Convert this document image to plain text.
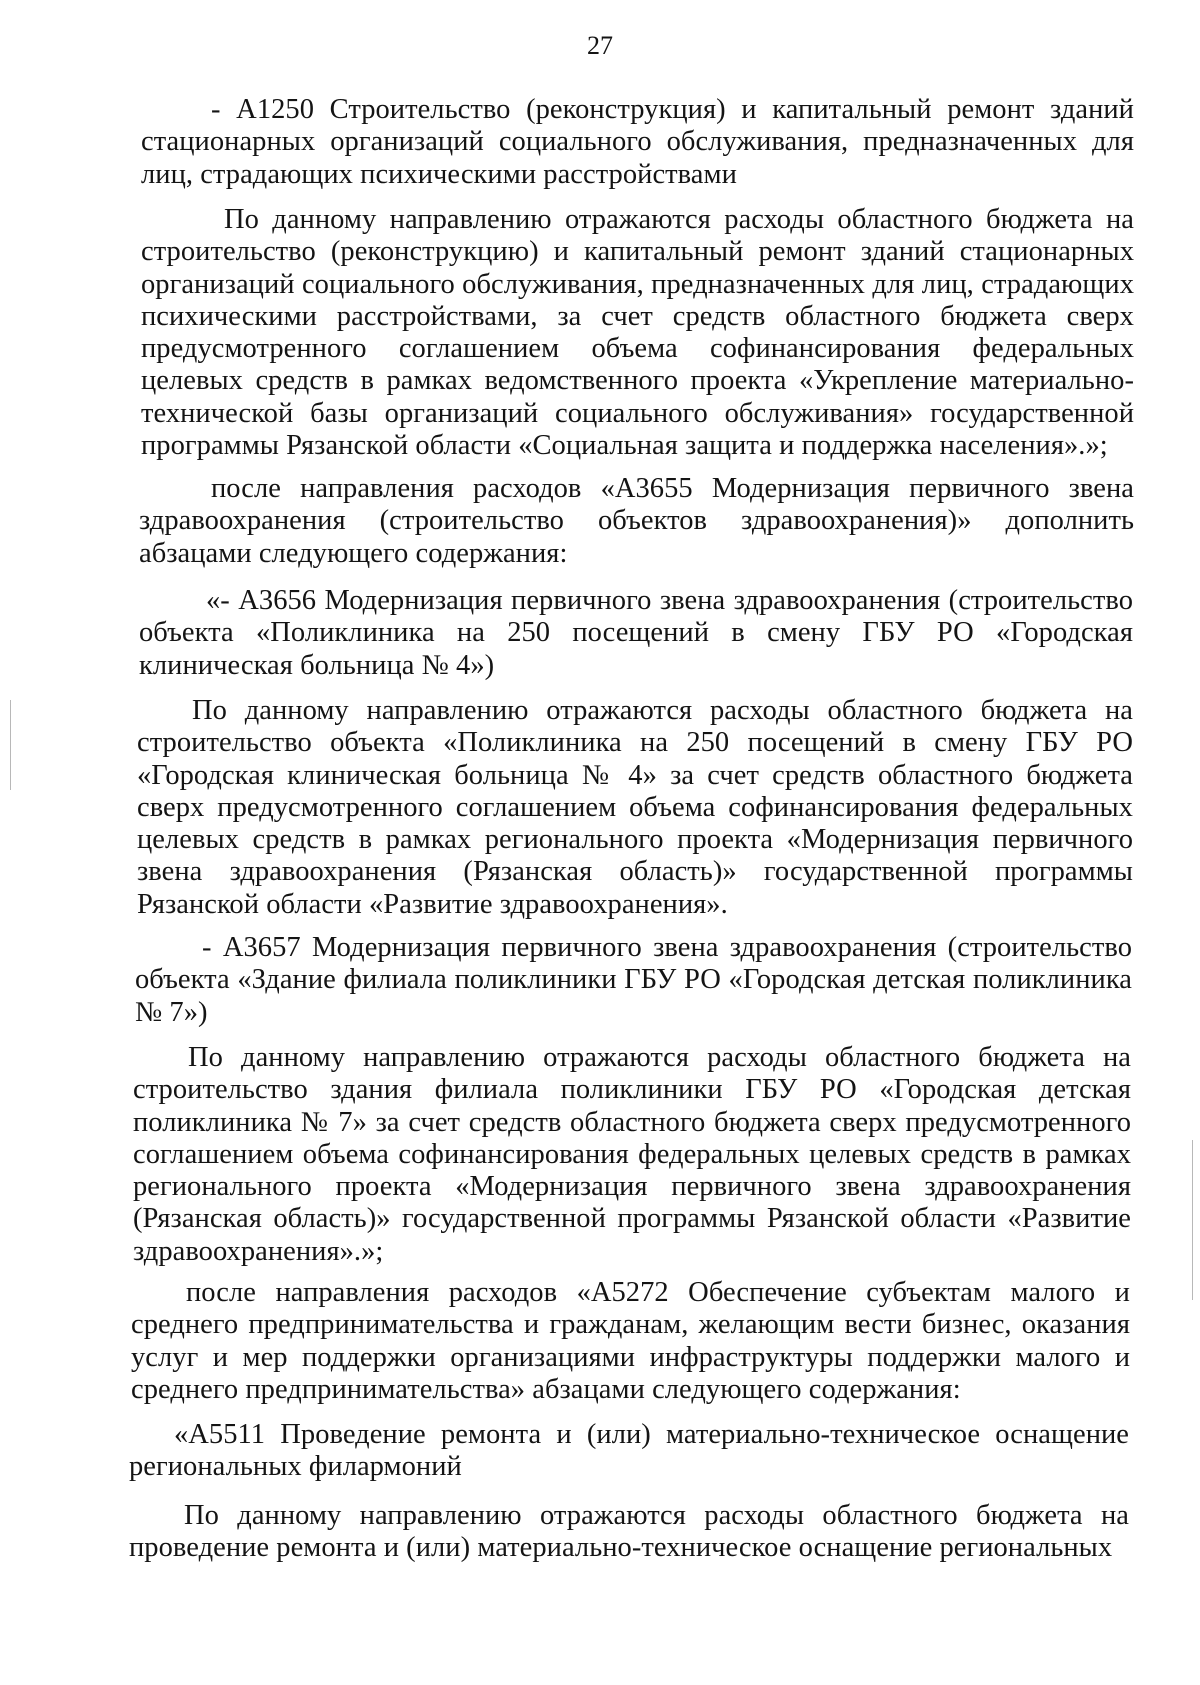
27

- А1250 Строительство (реконструкция) и капитальный ремонт зданий стационарных организаций социального обслуживания, предназначенных для лиц, страдающих психическими расстройствами

По данному направлению отражаются расходы областного бюджета на строительство (реконструкцию) и капитальный ремонт зданий стационарных организаций социального обслуживания, предназначенных для лиц, страдающих психическими расстройствами, за счет средств областного бюджета сверх предусмотренного соглашением объема софинансирования федеральных целевых средств в рамках ведомственного проекта «Укрепление материально-технической базы организаций социального обслуживания» государственной программы Рязанской области «Социальная защита и поддержка населения».»;

после направления расходов «А3655 Модернизация первичного звена здравоохранения (строительство объектов здравоохранения)» дополнить абзацами следующего содержания:

«- А3656 Модернизация первичного звена здравоохранения (строительство объекта «Поликлиника на 250 посещений в смену ГБУ РО «Городская клиническая больница № 4»)

По данному направлению отражаются расходы областного бюджета на строительство объекта «Поликлиника на 250 посещений в смену ГБУ РО «Городская клиническая больница № 4» за счет средств областного бюджета сверх предусмотренного соглашением объема софинансирования федеральных целевых средств в рамках регионального проекта «Модернизация первичного звена здравоохранения (Рязанская область)» государственной программы Рязанской области «Развитие здравоохранения».

- А3657 Модернизация первичного звена здравоохранения (строительство объекта «Здание филиала поликлиники ГБУ РО «Городская детская поликлиника № 7»)

По данному направлению отражаются расходы областного бюджета на строительство здания филиала поликлиники ГБУ РО «Городская детская поликлиника № 7» за счет средств областного бюджета сверх предусмотренного соглашением объема софинансирования федеральных целевых средств в рамках регионального проекта «Модернизация первичного звена здравоохранения (Рязанская область)» государственной программы Рязанской области «Развитие здравоохранения».»;

после направления расходов «А5272 Обеспечение субъектам малого и среднего предпринимательства и гражданам, желающим вести бизнес, оказания услуг и мер поддержки организациями инфраструктуры поддержки малого и среднего предпринимательства» абзацами следующего содержания:

«А5511 Проведение ремонта и (или) материально-техническое оснащение региональных филармоний

По данному направлению отражаются расходы областного бюджета на проведение ремонта и (или) материально-техническое оснащение региональных
